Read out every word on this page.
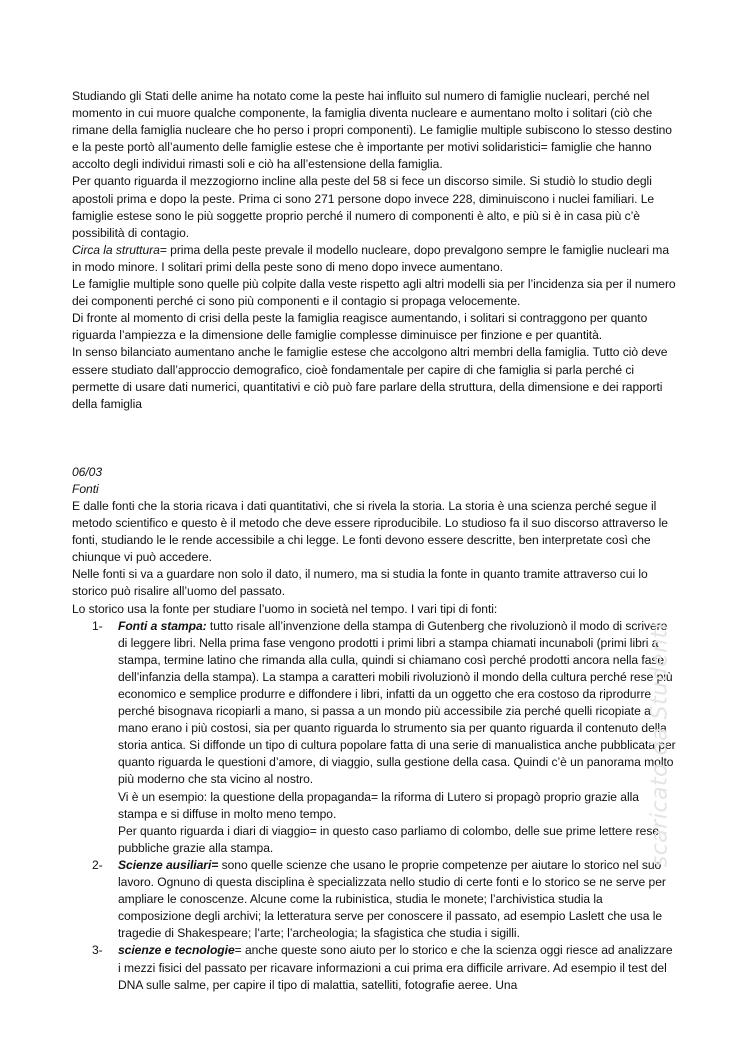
Studiando gli Stati delle anime ha notato come la peste hai influito sul numero di famiglie nucleari, perché nel momento in cui muore qualche componente, la famiglia diventa nucleare e aumentano molto i solitari (ciò che rimane della famiglia nucleare che ho perso i propri componenti). Le famiglie multiple subiscono lo stesso destino e la peste portò all’aumento delle famiglie estese che è importante per motivi solidaristici= famiglie che hanno accolto degli individui rimasti soli e ciò ha all’estensione della famiglia.

Per quanto riguarda il mezzogiorno incline alla peste del 58 si fece un discorso simile. Si studiò lo studio degli apostoli prima e dopo la peste. Prima ci sono 271 persone dopo invece 228, diminuiscono i nuclei familiari. Le famiglie estese sono le più soggette proprio perché il numero di componenti è alto, e più si è in casa più c’è possibilità di contagio.

Circa la struttura= prima della peste prevale il modello nucleare, dopo prevalgono sempre le famiglie nucleari ma in modo minore. I solitari primi della peste sono di meno dopo invece aumentano.

Le famiglie multiple sono quelle più colpite dalla veste rispetto agli altri modelli sia per l’incidenza sia per il numero dei componenti perché ci sono più componenti e il contagio si propaga velocemente.

Di fronte al momento di crisi della peste la famiglia reagisce aumentando, i solitari si contraggono per quanto riguarda l’ampiezza e la dimensione delle famiglie complesse diminuisce per finzione e per quantità.

In senso bilanciato aumentano anche le famiglie estese che accolgono altri membri della famiglia. Tutto ciò deve essere studiato dall’approccio demografico, cioè fondamentale per capire di che famiglia si parla perché ci permette di usare dati numerici, quantitativi e ciò può fare parlare della struttura, della dimensione e dei rapporti della famiglia

06/03

Fonti

E dalle fonti che la storia ricava i dati quantitativi, che si rivela la storia. La storia è una scienza perché segue il metodo scientifico e questo è il metodo che deve essere riproducibile. Lo studioso fa il suo discorso attraverso le fonti, studiando le le rende accessibile a chi legge. Le fonti devono essere descritte, ben interpretate così che chiunque vi può accedere.

Nelle fonti si va a guardare non solo il dato, il numero, ma si studia la fonte in quanto tramite attraverso cui lo storico può risalire all’uomo del passato.

Lo storico usa la fonte per studiare l’uomo in società nel tempo. I vari tipi di fonti:

1- Fonti a stampa: tutto risale all’invenzione della stampa di Gutenberg che rivoluzionò il modo di scrivere di leggere libri. Nella prima fase vengono prodotti i primi libri a stampa chiamati incunaboli (primi libri a stampa, termine latino che rimanda alla culla, quindi si chiamano così perché prodotti ancora nella fase dell’infanzia della stampa). La stampa a caratteri mobili rivoluzionò il mondo della cultura perché rese più economico e semplice produrre e diffondere i libri, infatti da un oggetto che era costoso da riprodurre perché bisognava ricopiarli a mano, si passa a un mondo più accessibile zia perché quelli ricopiate a mano erano i più costosi, sia per quanto riguarda lo strumento sia per quanto riguarda il contenuto della storia antica. Si diffonde un tipo di cultura popolare fatta di una serie di manualistica anche pubblicata per quanto riguarda le questioni d’amore, di viaggio, sulla gestione della casa. Quindi c’è un panorama molto più moderno che sta vicino al nostro.

Vi è un esempio: la questione della propaganda= la riforma di Lutero si propagò proprio grazie alla stampa e si diffuse in molto meno tempo.

Per quanto riguarda i diari di viaggio= in questo caso parliamo di colombo, delle sue prime lettere rese pubbliche grazie alla stampa.

2- Scienze ausiliari= sono quelle scienze che usano le proprie competenze per aiutare lo storico nel suo lavoro. Ognuno di questa disciplina è specializzata nello studio di certe fonti e lo storico se ne serve per ampliare le conoscenze. Alcune come la rubinistica, studia le monete; l’archivistica studia la composizione degli archivi; la letteratura serve per conoscere il passato, ad esempio Laslett che usa le tragedie di Shakespeare; l’arte; l’archeologia; la sfagistica che studia i sigilli.

3- scienze e tecnologie= anche queste sono aiuto per lo storico e che la scienza oggi riesce ad analizzare i mezzi fisici del passato per ricavare informazioni a cui prima era difficile arrivare. Ad esempio il test del DNA sulle salme, per capire il tipo di malattia, satelliti, fotografie aeree. Una

scaricato da Studenti
